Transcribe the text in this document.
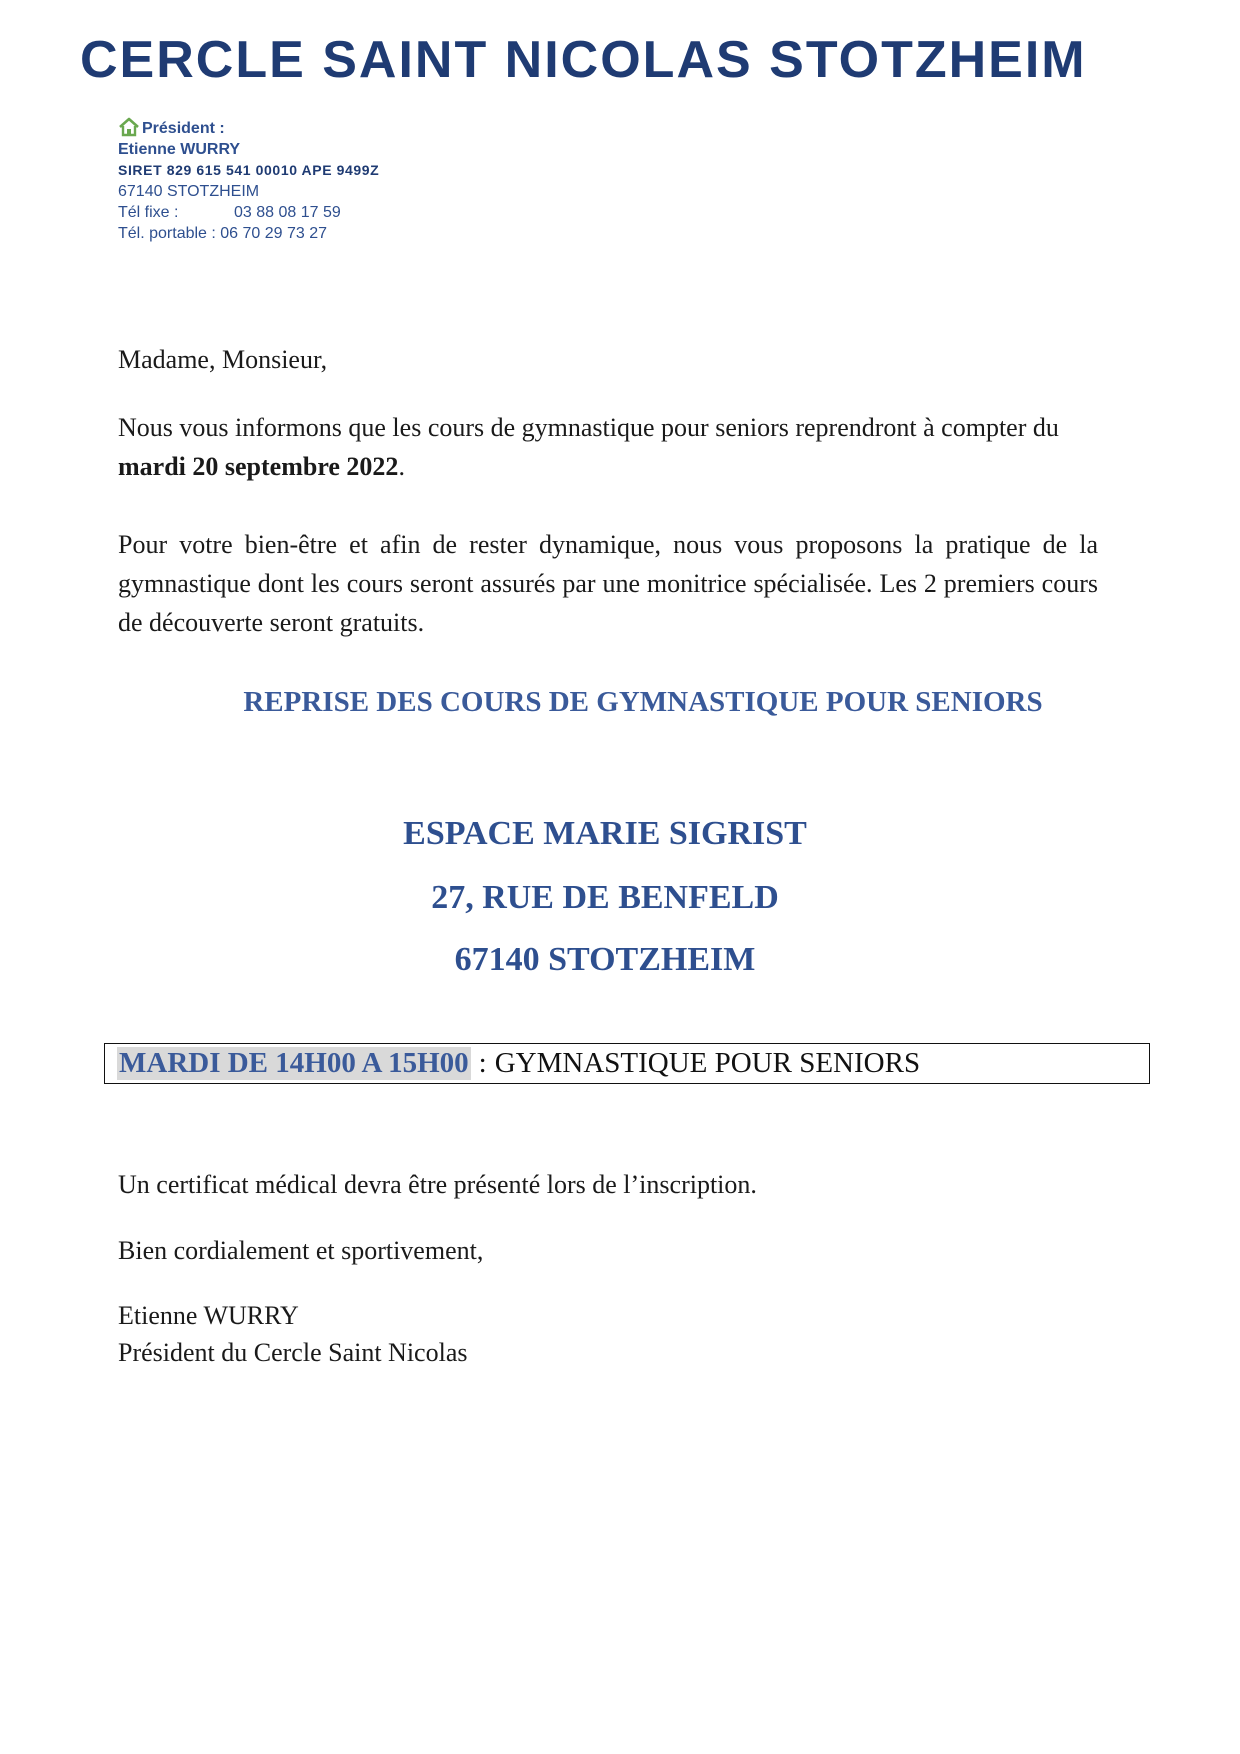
CERCLE SAINT NICOLAS STOTZHEIM
Président :
Etienne WURRY
SIRET 829 615 541 00010 APE 9499Z
67140 STOTZHEIM
Tél fixe :	03 88 08 17 59
Tél. portable : 06 70 29 73 27
Madame, Monsieur,
Nous vous informons que les cours de gymnastique pour seniors reprendront à compter du mardi 20 septembre 2022.
Pour votre bien-être et afin de rester dynamique, nous vous proposons la pratique de la gymnastique dont les cours seront assurés par une monitrice spécialisée. Les 2 premiers cours de découverte seront gratuits.
REPRISE DES COURS DE GYMNASTIQUE POUR SENIORS
ESPACE MARIE SIGRIST
27, RUE DE BENFELD
67140 STOTZHEIM
MARDI DE 14H00 A 15H00 : GYMNASTIQUE POUR SENIORS
Un certificat médical devra être présenté lors de l’inscription.
Bien cordialement et sportivement,
Etienne WURRY
Président du Cercle Saint Nicolas
